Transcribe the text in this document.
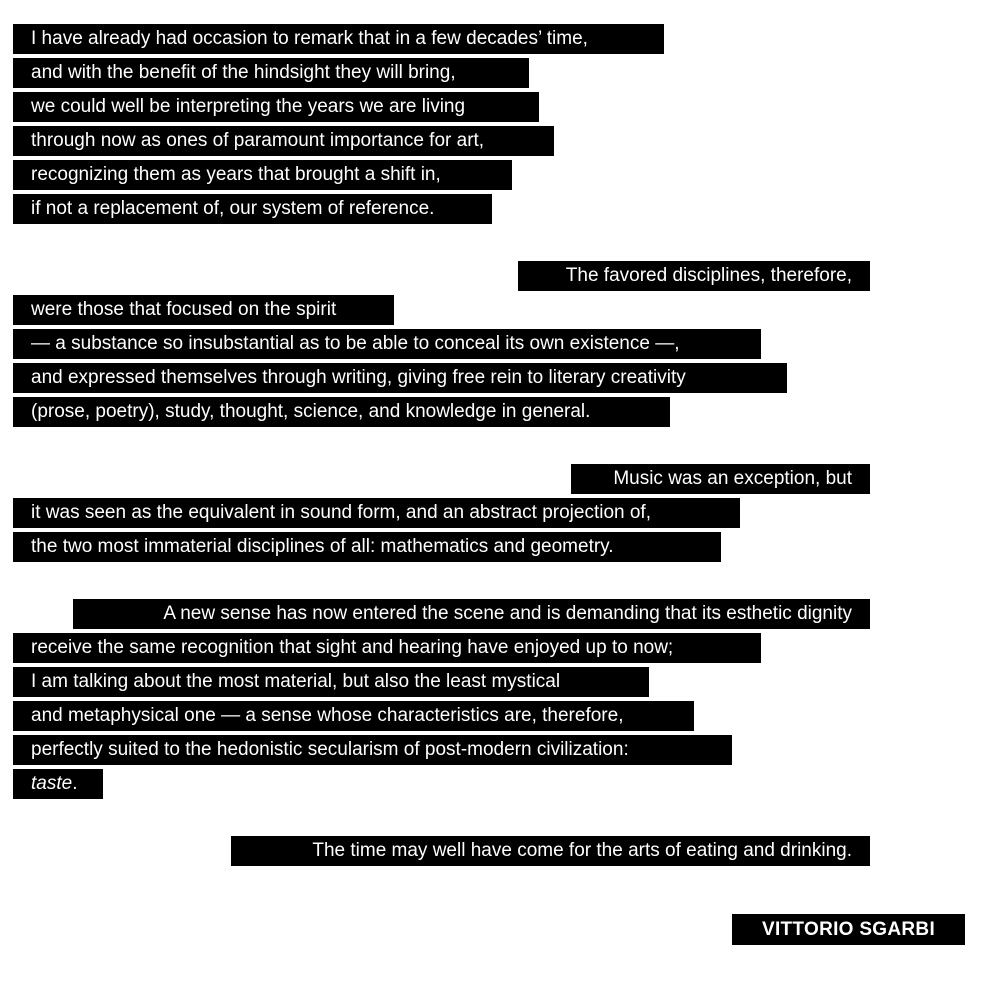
I have already had occasion to remark that in a few decades’ time,
and with the benefit of the hindsight they will bring,
we could well be interpreting the years we are living
through now as ones of paramount importance for art,
recognizing them as years that brought a shift in,
if not a replacement of, our system of reference.
The favored disciplines, therefore,
were those that focused on the spirit
— a substance so insubstantial as to be able to conceal its own existence —,
and expressed themselves through writing, giving free rein to literary creativity
(prose, poetry), study, thought, science, and knowledge in general.
Music was an exception, but
it was seen as the equivalent in sound form, and an abstract projection of,
the two most immaterial disciplines of all: mathematics and geometry.
A new sense has now entered the scene and is demanding that its esthetic dignity
receive the same recognition that sight and hearing have enjoyed up to now;
I am talking about the most material, but also the least mystical
and metaphysical one — a sense whose characteristics are, therefore,
perfectly suited to the hedonistic secularism of post-modern civilization:
taste.
The time may well have come for the arts of eating and drinking.
VITTORIO SGARBI
